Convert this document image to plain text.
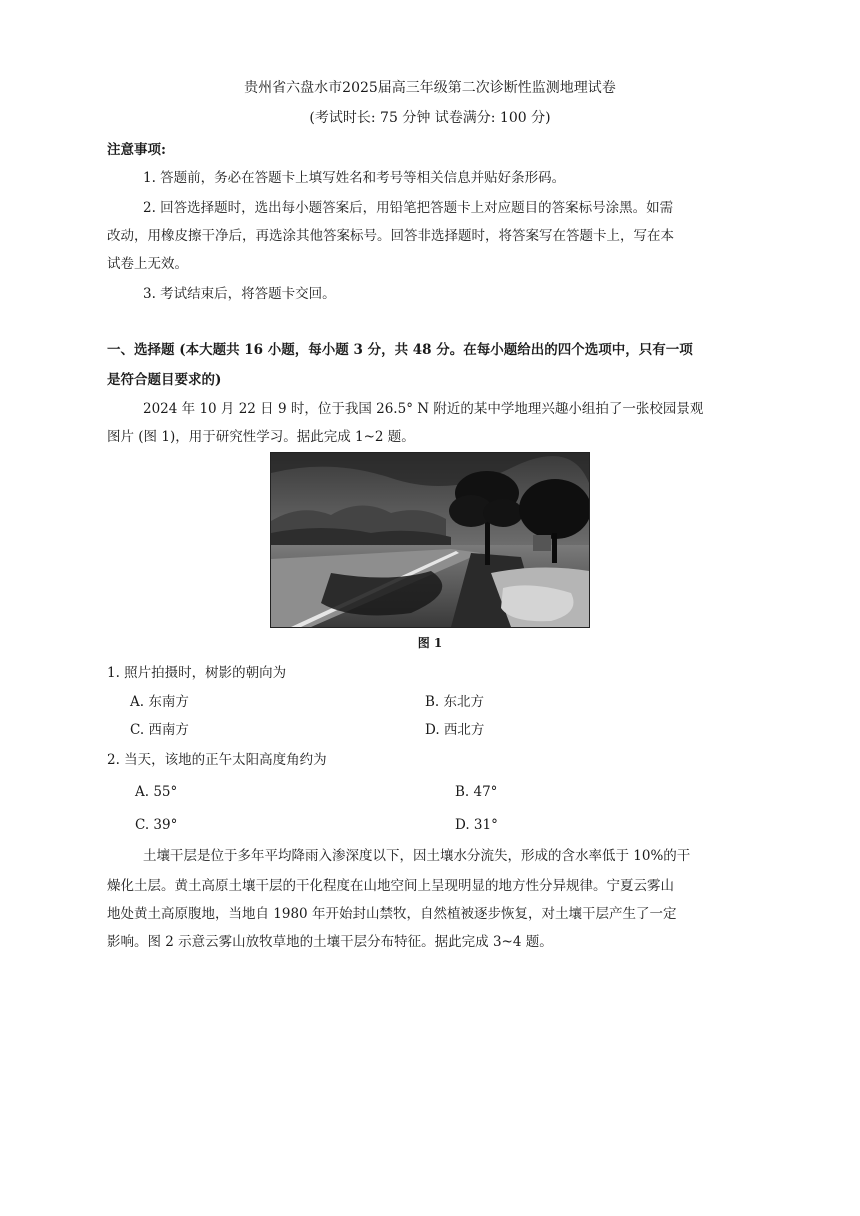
贵州省六盘水市2025届高三年级第二次诊断性监测地理试卷
(考试时长: 75 分钟 试卷满分: 100 分)
注意事项:
1. 答题前，务必在答题卡上填写姓名和考号等相关信息并贴好条形码。
2. 回答选择题时，选出每小题答案后，用铅笔把答题卡上对应题目的答案标号涂黑。如需
改动，用橡皮擦干净后，再选涂其他答案标号。回答非选择题时，将答案写在答题卡上，写在本
试卷上无效。
3. 考试结束后，将答题卡交回。
一、选择题 (本大题共 16 小题，每小题 3 分，共 48 分。在每小题给出的四个选项中，只有一项
是符合题目要求的)
2024 年 10 月 22 日 9 时，位于我国 26.5° N 附近的某中学地理兴趣小组拍了一张校园景观
图片 (图 1)，用于研究性学习。据此完成 1~2 题。
图 1
1. 照片拍摄时，树影的朝向为
A. 东南方	B. 东北方
C. 西南方	D. 西北方
2. 当天，该地的正午太阳高度角约为
A. 55°	B. 47°
C. 39°	D. 31°
土壤干层是位于多年平均降雨入渗深度以下，因土壤水分流失，形成的含水率低于 10%的干
燥化土层。黄土高原土壤干层的干化程度在山地空间上呈现明显的地方性分异规律。宁夏云雾山
地处黄土高原腹地，当地自 1980 年开始封山禁牧，自然植被逐步恢复，对土壤干层产生了一定
影响。图 2 示意云雾山放牧草地的土壤干层分布特征。据此完成 3~4 题。
